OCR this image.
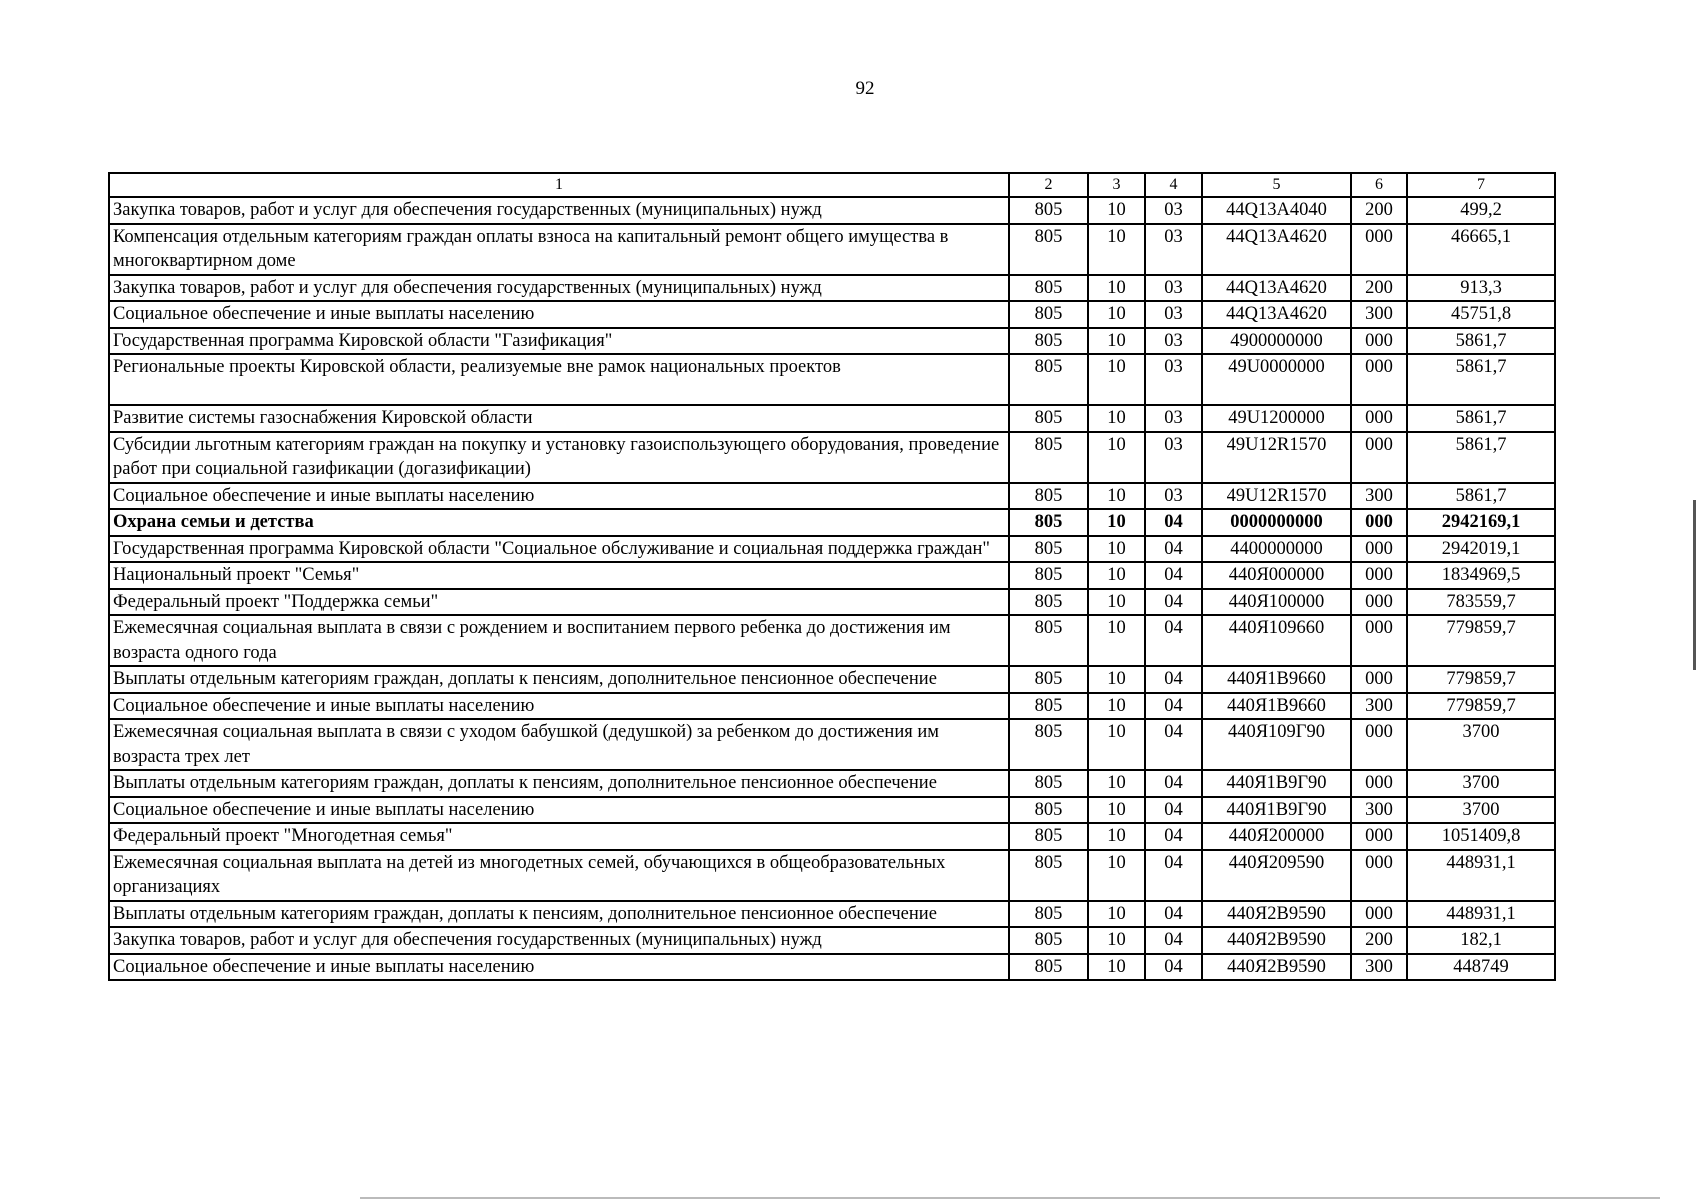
92
1	2	3	4	5	6	7
Закупка товаров, работ и услуг для обеспечения государственных (муниципальных) нужд	805	10	03	44Q13A4040	200	499,2
Компенсация отдельным категориям граждан оплаты взноса на капитальный ремонт общего имущества в многоквартирном доме	805	10	03	44Q13A4620	000	46665,1
Закупка товаров, работ и услуг для обеспечения государственных (муниципальных) нужд	805	10	03	44Q13A4620	200	913,3
Социальное обеспечение и иные выплаты населению	805	10	03	44Q13A4620	300	45751,8
Государственная программа Кировской области "Газификация"	805	10	03	4900000000	000	5861,7
Региональные проекты Кировской области, реализуемые вне рамок национальных проектов	805	10	03	49U0000000	000	5861,7
Развитие системы газоснабжения Кировской области	805	10	03	49U1200000	000	5861,7
Субсидии льготным категориям граждан на покупку и установку газоиспользующего оборудования, проведение работ при социальной газификации (догазификации)	805	10	03	49U12R1570	000	5861,7
Социальное обеспечение и иные выплаты населению	805	10	03	49U12R1570	300	5861,7
Охрана семьи и детства	805	10	04	0000000000	000	2942169,1
Государственная программа Кировской области "Социальное обслуживание и социальная поддержка граждан"	805	10	04	4400000000	000	2942019,1
Национальный проект "Семья"	805	10	04	440Я000000	000	1834969,5
Федеральный проект "Поддержка семьи"	805	10	04	440Я100000	000	783559,7
Ежемесячная социальная выплата в связи с рождением и воспитанием первого ребенка до достижения им возраста одного года	805	10	04	440Я109660	000	779859,7
Выплаты отдельным категориям граждан, доплаты к пенсиям, дополнительное пенсионное обеспечение	805	10	04	440Я1B9660	000	779859,7
Социальное обеспечение и иные выплаты населению	805	10	04	440Я1B9660	300	779859,7
Ежемесячная социальная выплата в связи с уходом бабушкой (дедушкой) за ребенком до достижения им возраста трех лет	805	10	04	440Я109Г90	000	3700
Выплаты отдельным категориям граждан, доплаты к пенсиям, дополнительное пенсионное обеспечение	805	10	04	440Я1B9Г90	000	3700
Социальное обеспечение и иные выплаты населению	805	10	04	440Я1B9Г90	300	3700
Федеральный проект "Многодетная семья"	805	10	04	440Я200000	000	1051409,8
Ежемесячная социальная выплата на детей из многодетных семей, обучающихся в общеобразовательных организациях	805	10	04	440Я209590	000	448931,1
Выплаты отдельным категориям граждан, доплаты к пенсиям, дополнительное пенсионное обеспечение	805	10	04	440Я2B9590	000	448931,1
Закупка товаров, работ и услуг для обеспечения государственных (муниципальных) нужд	805	10	04	440Я2B9590	200	182,1
Социальное обеспечение и иные выплаты населению	805	10	04	440Я2B9590	300	448749
